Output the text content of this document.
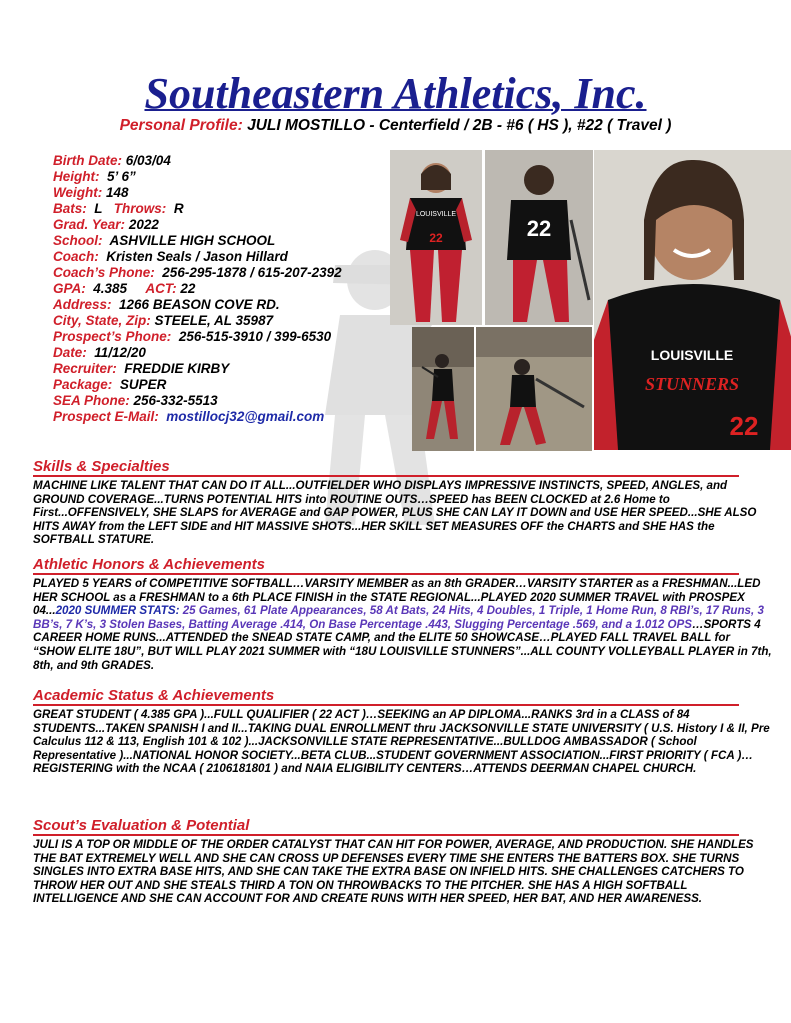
Southeastern Athletics, Inc.
Personal Profile: JULI MOSTILLO - Centerfield / 2B - #6 ( HS ), #22 ( Travel )
Birth Date: 6/03/04
Height: 5’ 6”
Weight: 148
Bats: L Throws: R
Grad. Year: 2022
School: ASHVILLE HIGH SCHOOL
Coach: Kristen Seals / Jason Hillard
Coach’s Phone: 256-295-1878 / 615-207-2392
GPA: 4.385 ACT: 22
Address: 1266 BEASON COVE RD.
City, State, Zip: STEELE, AL 35987
Prospect’s Phone: 256-515-3910 / 399-6530
Date: 11/12/20
Recruiter: FREDDIE KIRBY
Package: SUPER
SEA Phone: 256-332-5513
Prospect E-Mail: mostillocj32@gmail.com
LOUISVILLE
22	22
LOUISVILLE
STUNNERS
22
Skills & Specialties
MACHINE LIKE TALENT THAT CAN DO IT ALL...OUTFIELDER WHO DISPLAYS IMPRESSIVE INSTINCTS, SPEED, ANGLES, and GROUND COVERAGE...TURNS POTENTIAL HITS into ROUTINE OUTS…SPEED has BEEN CLOCKED at 2.6 Home to First...OFFENSIVELY, SHE SLAPS for AVERAGE and GAP POWER, PLUS SHE CAN LAY IT DOWN and USE HER SPEED...SHE ALSO HITS AWAY from the LEFT SIDE and HIT MASSIVE SHOTS...HER SKILL SET MEASURES OFF the CHARTS and SHE HAS the SOFTBALL STATURE.
Athletic Honors & Achievements
PLAYED 5 YEARS of COMPETITIVE SOFTBALL…VARSITY MEMBER as an 8th GRADER…VARSITY STARTER as a FRESHMAN...LED HER SCHOOL as a FRESHMAN to a 6th PLACE FINISH in the STATE REGIONAL...PLAYED 2020 SUMMER TRAVEL with PROSPEX 04...2020 SUMMER STATS: 25 Games, 61 Plate Appearances, 58 At Bats, 24 Hits, 4 Doubles, 1 Triple, 1 Home Run, 8 RBI’s, 17 Runs, 3 BB’s, 7 K’s, 3 Stolen Bases, Batting Average .414, On Base Percentage .443, Slugging Percentage .569, and a 1.012 OPS…SPORTS 4 CAREER HOME RUNS...ATTENDED the SNEAD STATE CAMP, and the ELITE 50 SHOWCASE…PLAYED FALL TRAVEL BALL for “SHOW ELITE 18U”, BUT WILL PLAY 2021 SUMMER with “18U LOUISVILLE STUNNERS”...ALL COUNTY VOLLEYBALL PLAYER in 7th, 8th, and 9th GRADES.
Academic Status & Achievements
GREAT STUDENT ( 4.385 GPA )...FULL QUALIFIER ( 22 ACT )…SEEKING an AP DIPLOMA...RANKS 3rd in a CLASS of 84 STUDENTS...TAKEN SPANISH I and II...TAKING DUAL ENROLLMENT thru JACKSONVILLE STATE UNIVERSITY ( U.S. History I & II, Pre Calculus 112 & 113, English 101 & 102 )...JACKSONVILLE STATE REPRESENTATIVE...BULLDOG AMBASSADOR ( School Representative )...NATIONAL HONOR SOCIETY...BETA CLUB...STUDENT GOVERNMENT ASSOCIATION...FIRST PRIORITY ( FCA )… REGISTERING with the NCAA ( 2106181801 ) and NAIA ELIGIBILITY CENTERS…ATTENDS DEERMAN CHAPEL CHURCH.
Scout’s Evaluation & Potential
JULI IS A TOP OR MIDDLE OF THE ORDER CATALYST THAT CAN HIT FOR POWER, AVERAGE, AND PRODUCTION. SHE HANDLES THE BAT EXTREMELY WELL AND SHE CAN CROSS UP DEFENSES EVERY TIME SHE ENTERS THE BATTERS BOX. SHE TURNS SINGLES INTO EXTRA BASE HITS, AND SHE CAN TAKE THE EXTRA BASE ON INFIELD HITS. SHE CHALLENGES CATCHERS TO THROW HER OUT AND SHE STEALS THIRD A TON ON THROWBACKS TO THE PITCHER. SHE HAS A HIGH SOFTBALL INTELLIGENCE AND SHE CAN ACCOUNT FOR AND CREATE RUNS WITH HER SPEED, HER BAT, AND HER AWARENESS.
